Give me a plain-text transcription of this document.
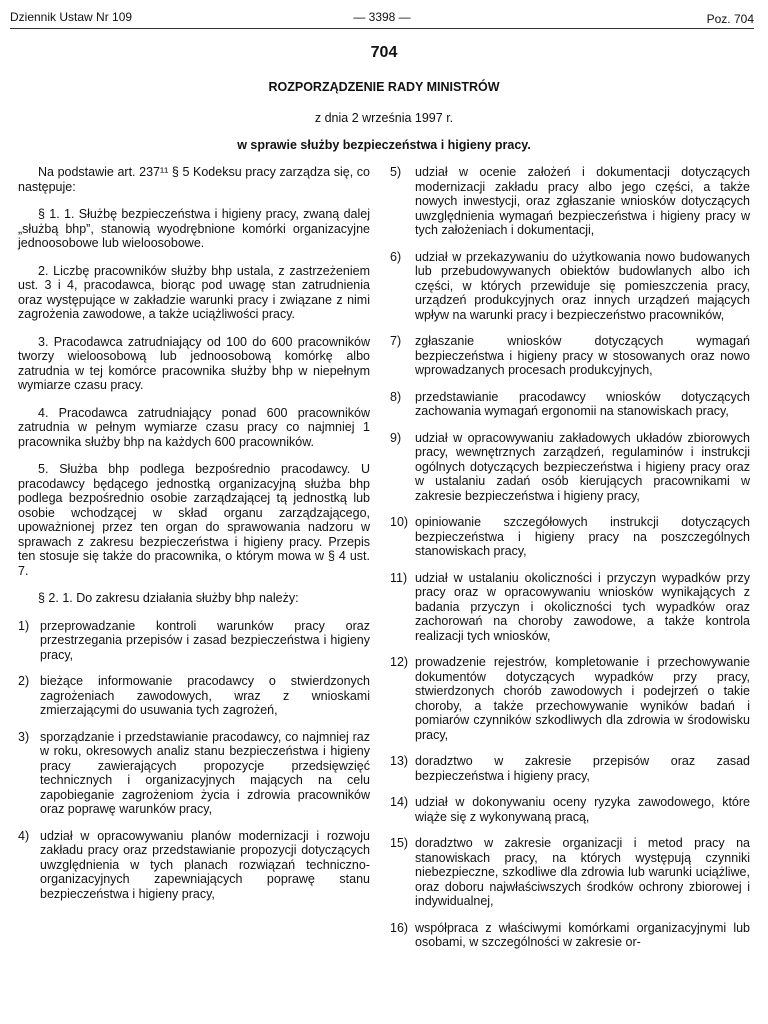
Dziennik Ustaw Nr 109	— 3398 —	Poz. 704
704
ROZPORZĄDZENIE RADY MINISTRÓW
z dnia 2 września 1997 r.
w sprawie służby bezpieczeństwa i higieny pracy.

Na podstawie art. 237¹¹ § 5 Kodeksu pracy zarządza się, co następuje:

§ 1. 1. Służbę bezpieczeństwa i higieny pracy, zwaną dalej „służbą bhp”, stanowią wyodrębnione komórki organizacyjne jednoosobowe lub wieloosobowe.

2. Liczbę pracowników służby bhp ustala, z zastrzeżeniem ust. 3 i 4, pracodawca, biorąc pod uwagę stan zatrudnienia oraz występujące w zakładzie warunki pracy i związane z nimi zagrożenia zawodowe, a także uciążliwości pracy.

3. Pracodawca zatrudniający od 100 do 600 pracowników tworzy wieloosobową lub jednoosobową komórkę albo zatrudnia w tej komórce pracownika służby bhp w niepełnym wymiarze czasu pracy.

4. Pracodawca zatrudniający ponad 600 pracowników zatrudnia w pełnym wymiarze czasu pracy co najmniej 1 pracownika służby bhp na każdych 600 pracowników.

5. Służba bhp podlega bezpośrednio pracodawcy. U pracodawcy będącego jednostką organizacyjną służba bhp podlega bezpośrednio osobie zarządzającej tą jednostką lub osobie wchodzącej w skład organu zarządzającego, upoważnionej przez ten organ do sprawowania nadzoru w sprawach z zakresu bezpieczeństwa i higieny pracy. Przepis ten stosuje się także do pracownika, o którym mowa w § 4 ust. 7.

§ 2. 1. Do zakresu działania służby bhp należy:

1) przeprowadzanie kontroli warunków pracy oraz przestrzegania przepisów i zasad bezpieczeństwa i higieny pracy,
2) bieżące informowanie pracodawcy o stwierdzonych zagrożeniach zawodowych, wraz z wnioskami zmierzającymi do usuwania tych zagrożeń,
3) sporządzanie i przedstawianie pracodawcy, co najmniej raz w roku, okresowych analiz stanu bezpieczeństwa i higieny pracy zawierających propozycje przedsięwzięć technicznych i organizacyjnych mających na celu zapobieganie zagrożeniom życia i zdrowia pracowników oraz poprawę warunków pracy,
4) udział w opracowywaniu planów modernizacji i rozwoju zakładu pracy oraz przedstawianie propozycji dotyczących uwzględnienia w tych planach rozwiązań techniczno-organizacyjnych zapewniających poprawę stanu bezpieczeństwa i higieny pracy,
5) udział w ocenie założeń i dokumentacji dotyczących modernizacji zakładu pracy albo jego części, a także nowych inwestycji, oraz zgłaszanie wniosków dotyczących uwzględnienia wymagań bezpieczeństwa i higieny pracy w tych założeniach i dokumentacji,
6) udział w przekazywaniu do użytkowania nowo budowanych lub przebudowywanych obiektów budowlanych albo ich części, w których przewiduje się pomieszczenia pracy, urządzeń produkcyjnych oraz innych urządzeń mających wpływ na warunki pracy i bezpieczeństwo pracowników,
7) zgłaszanie wniosków dotyczących wymagań bezpieczeństwa i higieny pracy w stosowanych oraz nowo wprowadzanych procesach produkcyjnych,
8) przedstawianie pracodawcy wniosków dotyczących zachowania wymagań ergonomii na stanowiskach pracy,
9) udział w opracowywaniu zakładowych układów zbiorowych pracy, wewnętrznych zarządzeń, regulaminów i instrukcji ogólnych dotyczących bezpieczeństwa i higieny pracy oraz w ustalaniu zadań osób kierujących pracownikami w zakresie bezpieczeństwa i higieny pracy,
10) opiniowanie szczegółowych instrukcji dotyczących bezpieczeństwa i higieny pracy na poszczególnych stanowiskach pracy,
11) udział w ustalaniu okoliczności i przyczyn wypadków przy pracy oraz w opracowywaniu wniosków wynikających z badania przyczyn i okoliczności tych wypadków oraz zachorowań na choroby zawodowe, a także kontrola realizacji tych wniosków,
12) prowadzenie rejestrów, kompletowanie i przechowywanie dokumentów dotyczących wypadków przy pracy, stwierdzonych chorób zawodowych i podejrzeń o takie choroby, a także przechowywanie wyników badań i pomiarów czynników szkodliwych dla zdrowia w środowisku pracy,
13) doradztwo w zakresie przepisów oraz zasad bezpieczeństwa i higieny pracy,
14) udział w dokonywaniu oceny ryzyka zawodowego, które wiąże się z wykonywaną pracą,
15) doradztwo w zakresie organizacji i metod pracy na stanowiskach pracy, na których występują czynniki niebezpieczne, szkodliwe dla zdrowia lub warunki uciążliwe, oraz doboru najwłaściwszych środków ochrony zbiorowej i indywidualnej,
16) współpraca z właściwymi komórkami organizacyjnymi lub osobami, w szczególności w zakresie or-
